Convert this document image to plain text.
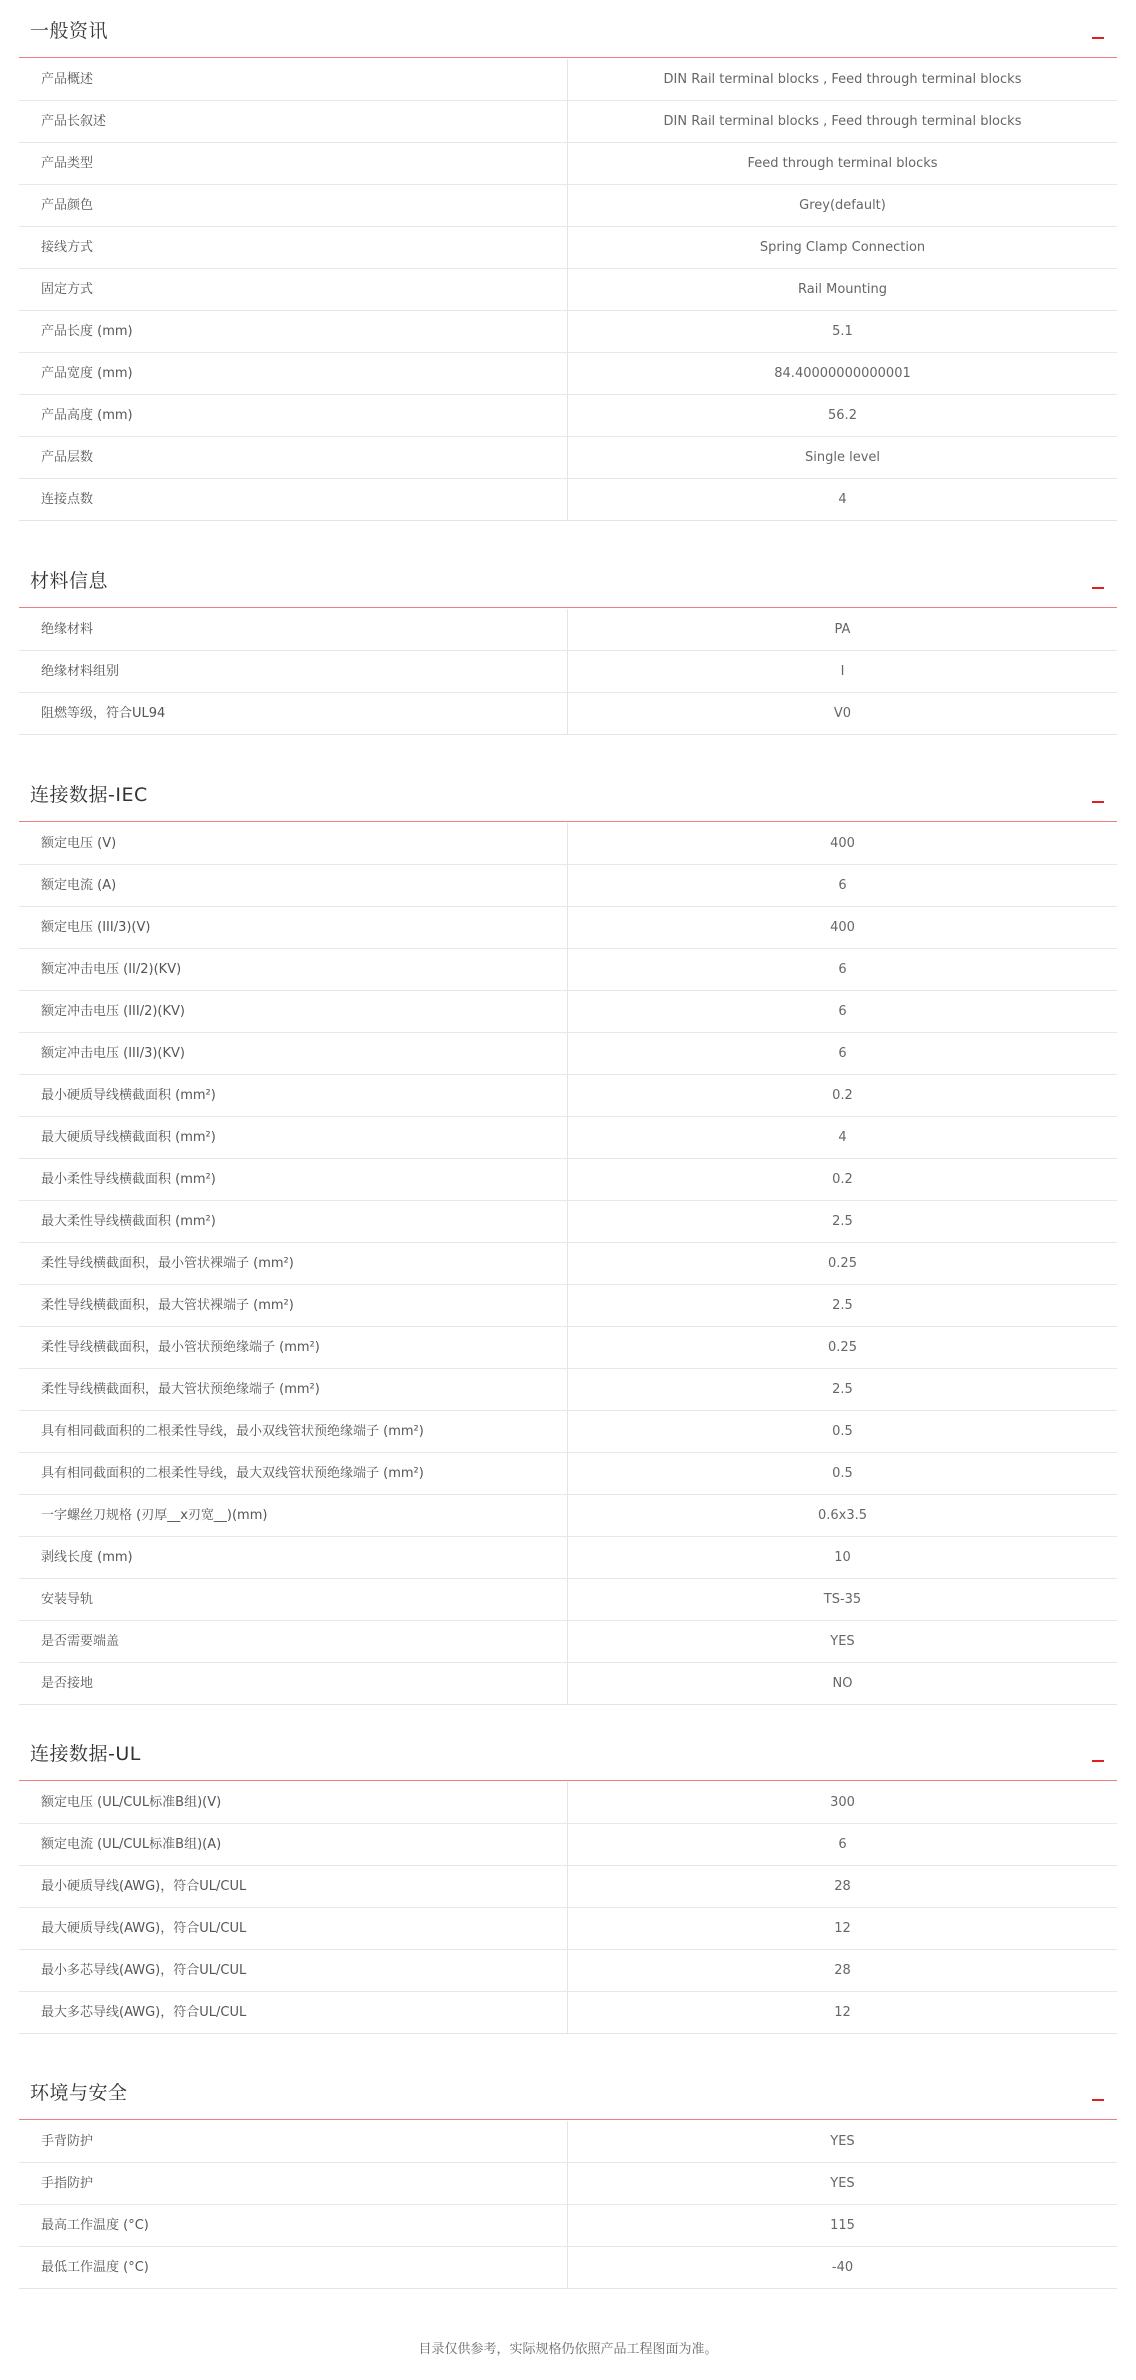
一般资讯
产品概述	DIN Rail terminal blocks , Feed through terminal blocks
产品长叙述	DIN Rail terminal blocks , Feed through terminal blocks
产品类型	Feed through terminal blocks
产品颜色	Grey(default)
接线方式	Spring Clamp Connection
固定方式	Rail Mounting
产品长度 (mm)	5.1
产品宽度 (mm)	84.40000000000001
产品高度 (mm)	56.2
产品层数	Single level
连接点数	4
材料信息
绝缘材料	PA
绝缘材料组别	I
阻燃等级，符合UL94	V0
连接数据-IEC
额定电压 (V)	400
额定电流 (A)	6
额定电压 (III/3)(V)	400
额定冲击电压 (II/2)(KV)	6
额定冲击电压 (III/2)(KV)	6
额定冲击电压 (III/3)(KV)	6
最小硬质导线横截面积 (mm²)	0.2
最大硬质导线横截面积 (mm²)	4
最小柔性导线横截面积 (mm²)	0.2
最大柔性导线横截面积 (mm²)	2.5
柔性导线横截面积，最小管状裸端子 (mm²)	0.25
柔性导线横截面积，最大管状裸端子 (mm²)	2.5
柔性导线横截面积，最小管状预绝缘端子 (mm²)	0.25
柔性导线横截面积，最大管状预绝缘端子 (mm²)	2.5
具有相同截面积的二根柔性导线，最小双线管状预绝缘端子 (mm²)	0.5
具有相同截面积的二根柔性导线，最大双线管状预绝缘端子 (mm²)	0.5
一字螺丝刀规格 (刃厚__x刃宽__)(mm)	0.6x3.5
剥线长度 (mm)	10
安装导轨	TS-35
是否需要端盖	YES
是否接地	NO
连接数据-UL
额定电压 (UL/CUL标准B组)(V)	300
额定电流 (UL/CUL标准B组)(A)	6
最小硬质导线(AWG)，符合UL/CUL	28
最大硬质导线(AWG)，符合UL/CUL	12
最小多芯导线(AWG)，符合UL/CUL	28
最大多芯导线(AWG)，符合UL/CUL	12
环境与安全
手背防护	YES
手指防护	YES
最高工作温度 (°C)	115
最低工作温度 (°C)	-40
目录仅供参考，实际规格仍依照产品工程图面为准。
